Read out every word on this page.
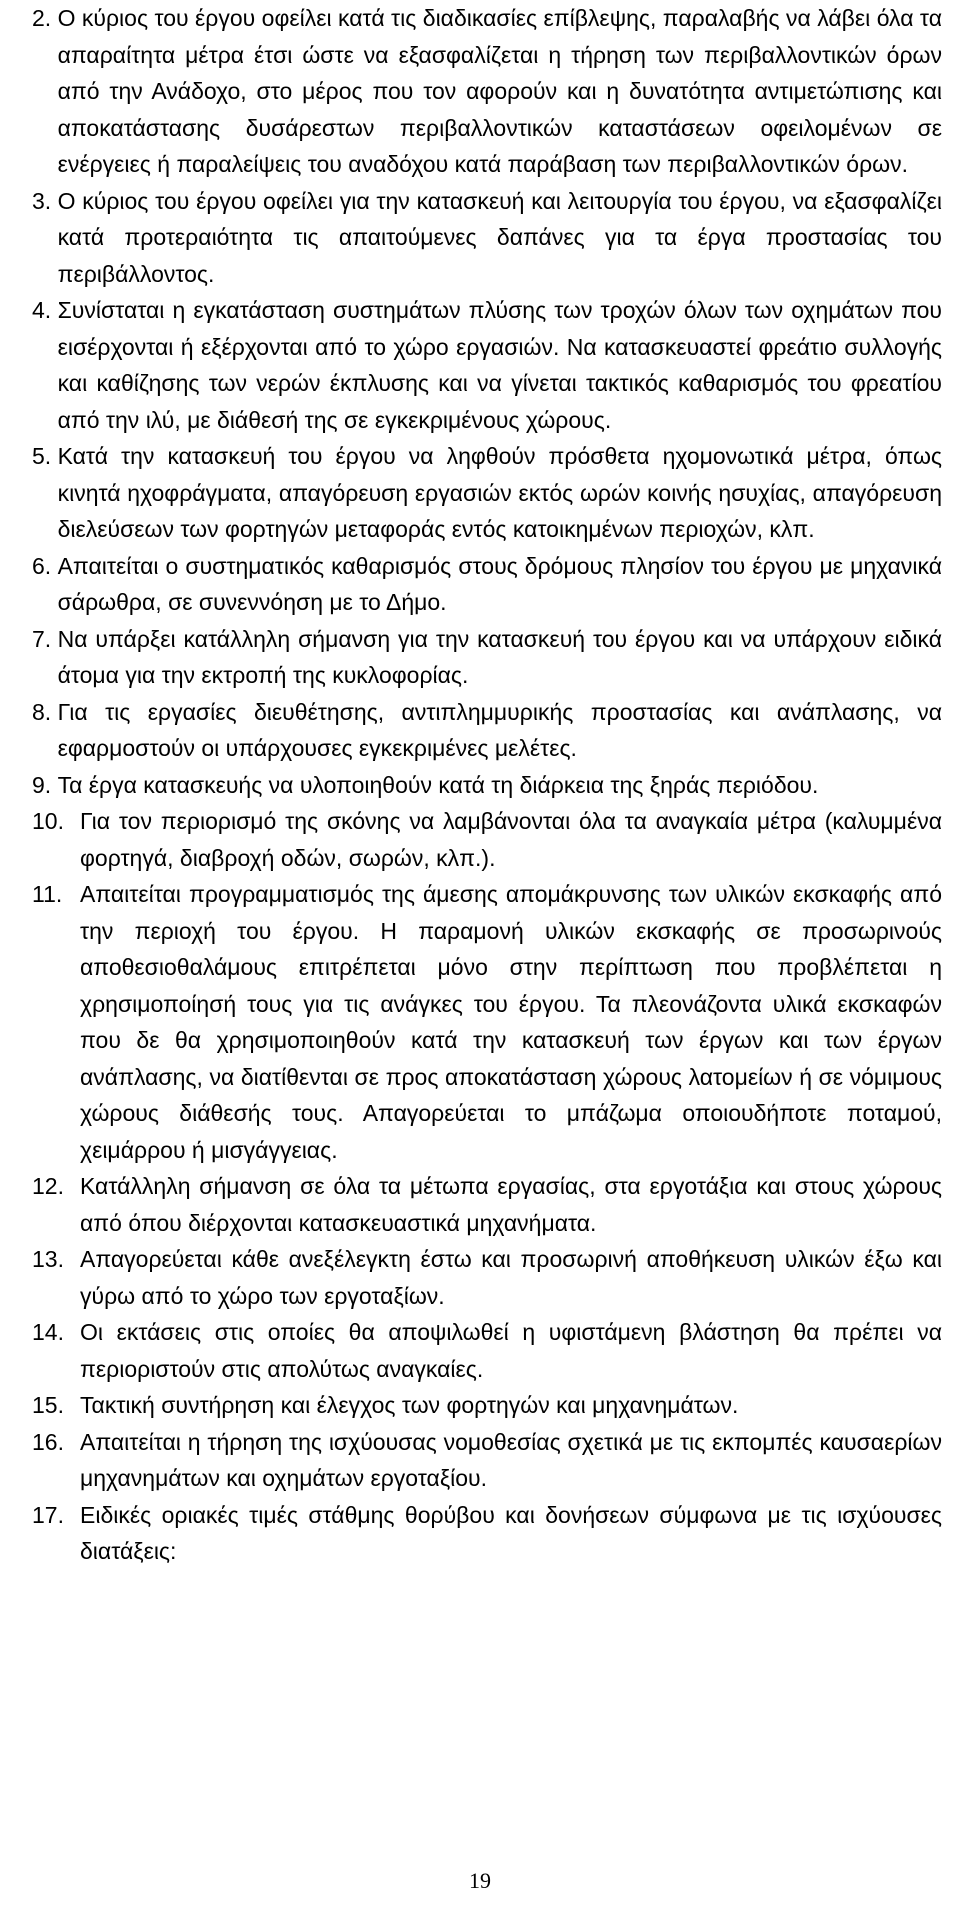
2. Ο κύριος του έργου οφείλει κατά τις διαδικασίες επίβλεψης, παραλαβής να λάβει όλα τα απαραίτητα μέτρα έτσι ώστε να εξασφαλίζεται η τήρηση των περιβαλλοντικών όρων από την Ανάδοχο, στο μέρος που τον αφορούν και η δυνατότητα αντιμετώπισης και αποκατάστασης δυσάρεστων περιβαλλοντικών καταστάσεων οφειλομένων σε ενέργειες ή παραλείψεις του αναδόχου κατά παράβαση των περιβαλλοντικών όρων.
3. Ο κύριος του έργου οφείλει για την κατασκευή και λειτουργία του έργου, να εξασφαλίζει κατά προτεραιότητα τις απαιτούμενες δαπάνες για τα έργα προστασίας του περιβάλλοντος.
4. Συνίσταται η εγκατάσταση συστημάτων πλύσης των τροχών όλων των οχημάτων που εισέρχονται ή εξέρχονται από το χώρο εργασιών. Να κατασκευαστεί φρεάτιο συλλογής και καθίζησης των νερών έκπλυσης και να γίνεται τακτικός καθαρισμός του φρεατίου από την ιλύ, με διάθεσή της σε εγκεκριμένους χώρους.
5. Κατά την κατασκευή του έργου να ληφθούν πρόσθετα ηχομονωτικά μέτρα, όπως κινητά ηχοφράγματα, απαγόρευση εργασιών εκτός ωρών κοινής ησυχίας, απαγόρευση διελεύσεων των φορτηγών μεταφοράς εντός κατοικημένων περιοχών, κλπ.
6. Απαιτείται ο συστηματικός καθαρισμός στους δρόμους πλησίον του έργου με μηχανικά σάρωθρα, σε συνεννόηση με το Δήμο.
7. Να υπάρξει κατάλληλη σήμανση για την κατασκευή του έργου και να υπάρχουν ειδικά άτομα για την εκτροπή της κυκλοφορίας.
8. Για τις εργασίες διευθέτησης, αντιπλημμυρικής προστασίας και ανάπλασης, να εφαρμοστούν οι υπάρχουσες εγκεκριμένες μελέτες.
9. Τα έργα κατασκευής να υλοποιηθούν κατά τη διάρκεια της ξηράς περιόδου.
10. Για τον περιορισμό της σκόνης να λαμβάνονται όλα τα αναγκαία μέτρα (καλυμμένα φορτηγά, διαβροχή οδών, σωρών, κλπ.).
11. Απαιτείται προγραμματισμός της άμεσης απομάκρυνσης των υλικών εκσκαφής από την περιοχή του έργου. Η παραμονή υλικών εκσκαφής σε προσωρινούς αποθεσιοθαλάμους επιτρέπεται μόνο στην περίπτωση που προβλέπεται η χρησιμοποίησή τους για τις ανάγκες του έργου. Τα πλεονάζοντα υλικά εκσκαφών που δε θα χρησιμοποιηθούν κατά την κατασκευή των έργων και των έργων ανάπλασης, να διατίθενται σε προς αποκατάσταση χώρους λατομείων ή σε νόμιμους χώρους διάθεσής τους. Απαγορεύεται το μπάζωμα οποιουδήποτε ποταμού, χειμάρρου ή μισγάγγειας.
12. Κατάλληλη σήμανση σε όλα τα μέτωπα εργασίας, στα εργοτάξια και στους χώρους από όπου διέρχονται κατασκευαστικά μηχανήματα.
13. Απαγορεύεται κάθε ανεξέλεγκτη έστω και προσωρινή αποθήκευση υλικών έξω και γύρω από το χώρο των εργοταξίων.
14. Οι εκτάσεις στις οποίες θα αποψιλωθεί η υφιστάμενη βλάστηση θα πρέπει να περιοριστούν στις απολύτως αναγκαίες.
15. Τακτική συντήρηση και έλεγχος των φορτηγών και μηχανημάτων.
16. Απαιτείται η τήρηση της ισχύουσας νομοθεσίας σχετικά με τις εκπομπές καυσαερίων μηχανημάτων και οχημάτων εργοταξίου.
17. Ειδικές οριακές τιμές στάθμης θορύβου και δονήσεων σύμφωνα με τις ισχύουσες διατάξεις:
19
